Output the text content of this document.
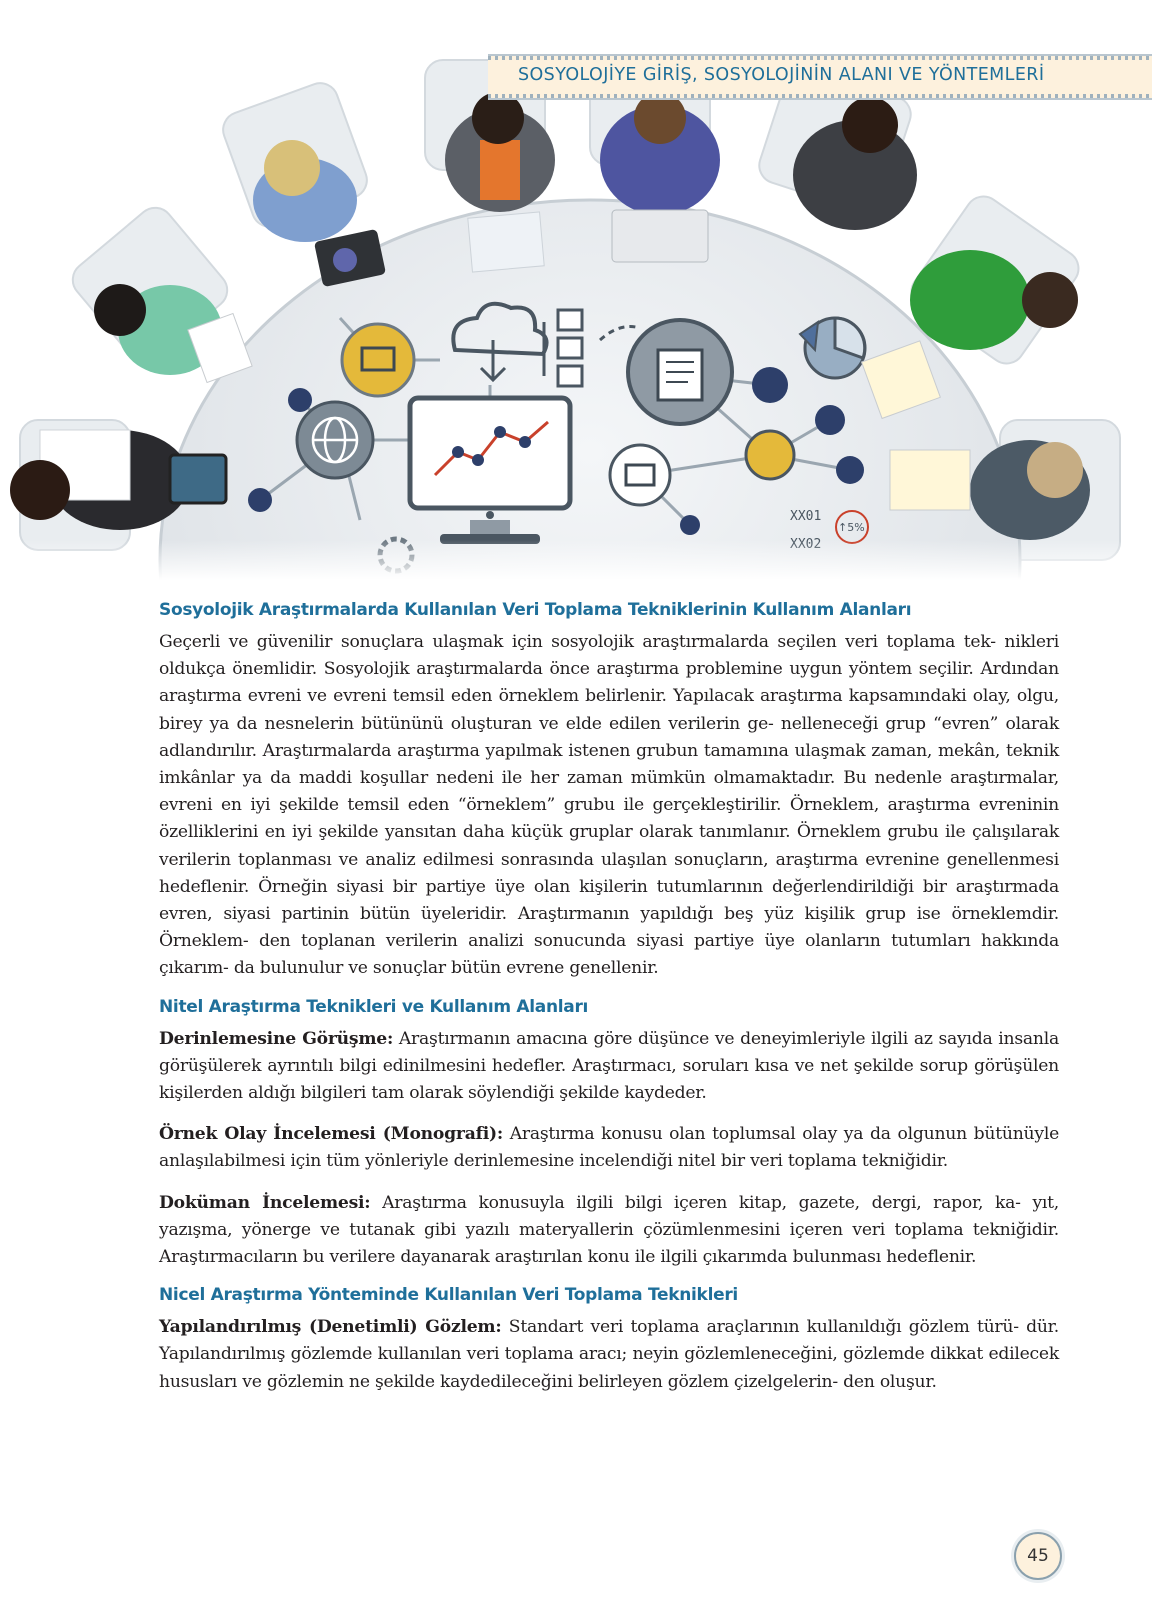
XX01
↑5%
SOSYOLOJİYE GİRİŞ, SOSYOLOJİNİN ALANI VE YÖNTEMLERİ
Sosyolojik Araştırmalarda Kullanılan Veri Toplama Tekniklerinin Kullanım Alanları

Geçerli ve güvenilir sonuçlara ulaşmak için sosyolojik araştırmalarda seçilen veri toplama tek- nikleri oldukça önemlidir. Sosyolojik araştırmalarda önce araştırma problemine uygun yöntem seçilir. Ardından araştırma evreni ve evreni temsil eden örneklem belirlenir. Yapılacak araştırma kapsamındaki olay, olgu, birey ya da nesnelerin bütününü oluşturan ve elde edilen verilerin ge- nelleneceği grup “evren” olarak adlandırılır. Araştırmalarda araştırma yapılmak istenen grubun tamamına ulaşmak zaman, mekân, teknik imkânlar ya da maddi koşullar nedeni ile her zaman mümkün olmamaktadır. Bu nedenle araştırmalar, evreni en iyi şekilde temsil eden “örneklem” grubu ile gerçekleştirilir. Örneklem, araştırma evreninin özelliklerini en iyi şekilde yansıtan daha küçük gruplar olarak tanımlanır. Örneklem grubu ile çalışılarak verilerin toplanması ve analiz edilmesi sonrasında ulaşılan sonuçların, araştırma evrenine genellenmesi hedeflenir. Örneğin siyasi bir partiye üye olan kişilerin tutumlarının değerlendirildiği bir araştırmada evren, siyasi partinin bütün üyeleridir. Araştırmanın yapıldığı beş yüz kişilik grup ise örneklemdir. Örneklem- den toplanan verilerin analizi sonucunda siyasi partiye üye olanların tutumları hakkında çıkarım- da bulunulur ve sonuçlar bütün evrene genellenir.

Nitel Araştırma Teknikleri ve Kullanım Alanları

Derinlemesine Görüşme: Araştırmanın amacına göre düşünce ve deneyimleriyle ilgili az sayıda insanla görüşülerek ayrıntılı bilgi edinilmesini hedefler. Araştırmacı, soruları kısa ve net şekilde sorup görüşülen kişilerden aldığı bilgileri tam olarak söylendiği şekilde kaydeder.

Örnek Olay İncelemesi (Monografi): Araştırma konusu olan toplumsal olay ya da olgunun bütünüyle anlaşılabilmesi için tüm yönleriyle derinlemesine incelendiği nitel bir veri toplama tekniğidir.

Doküman İncelemesi: Araştırma konusuyla ilgili bilgi içeren kitap, gazete, dergi, rapor, ka- yıt, yazışma, yönerge ve tutanak gibi yazılı materyallerin çözümlenmesini içeren veri toplama tekniğidir. Araştırmacıların bu verilere dayanarak araştırılan konu ile ilgili çıkarımda bulunması hedeflenir.

Nicel Araştırma Yönteminde Kullanılan Veri Toplama Teknikleri

Yapılandırılmış (Denetimli) Gözlem: Standart veri toplama araçlarının kullanıldığı gözlem türü- dür. Yapılandırılmış gözlemde kullanılan veri toplama aracı; neyin gözlemleneceğini, gözlemde dikkat edilecek hususları ve gözlemin ne şekilde kaydedileceğini belirleyen gözlem çizelgelerin- den oluşur.

45
